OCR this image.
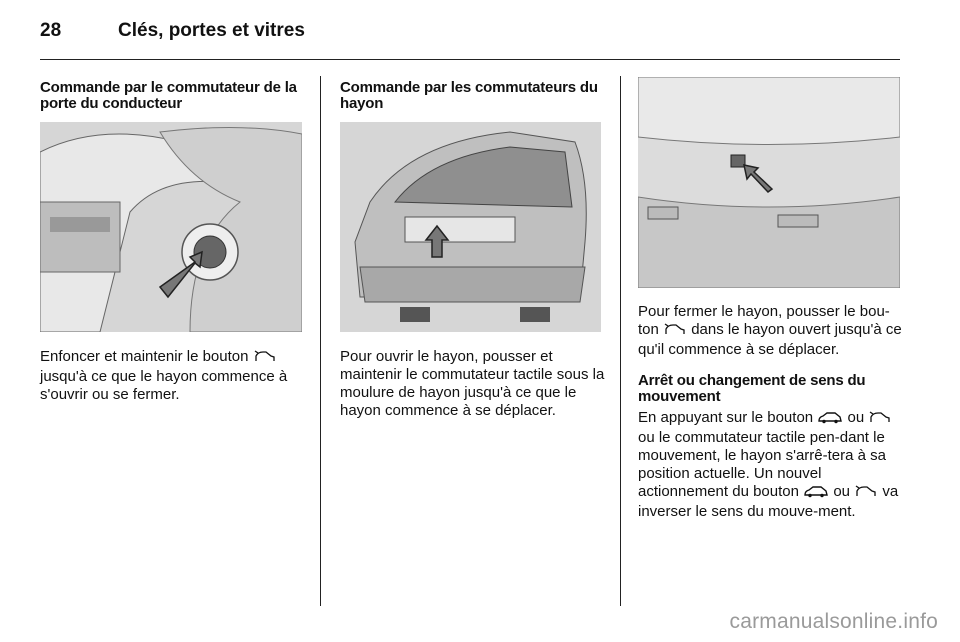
28	Clés, portes et vitres
Commande par le commutateur de la porte du conducteur
Enfoncer et maintenir le bouton  jusqu'à ce que le hayon commence à s'ouvrir ou se fermer.
Commande par les commutateurs du hayon
Pour ouvrir le hayon, pousser et maintenir le commutateur tactile sous la moulure de hayon jusqu'à ce que le hayon commence à se déplacer.
Pour fermer le hayon, pousser le bou-ton dans le hayon ouvert jusqu'à ce qu'il commence à se déplacer.
Arrêt ou changement de sens du mouvement
En appuyant sur le bouton ou  ou le commutateur tactile pen-dant le mouvement, le hayon s'arrê-tera à sa position actuelle. Un nouvel actionnement du bouton ou va inverser le sens du mouve-ment.
carmanualsonline.info
